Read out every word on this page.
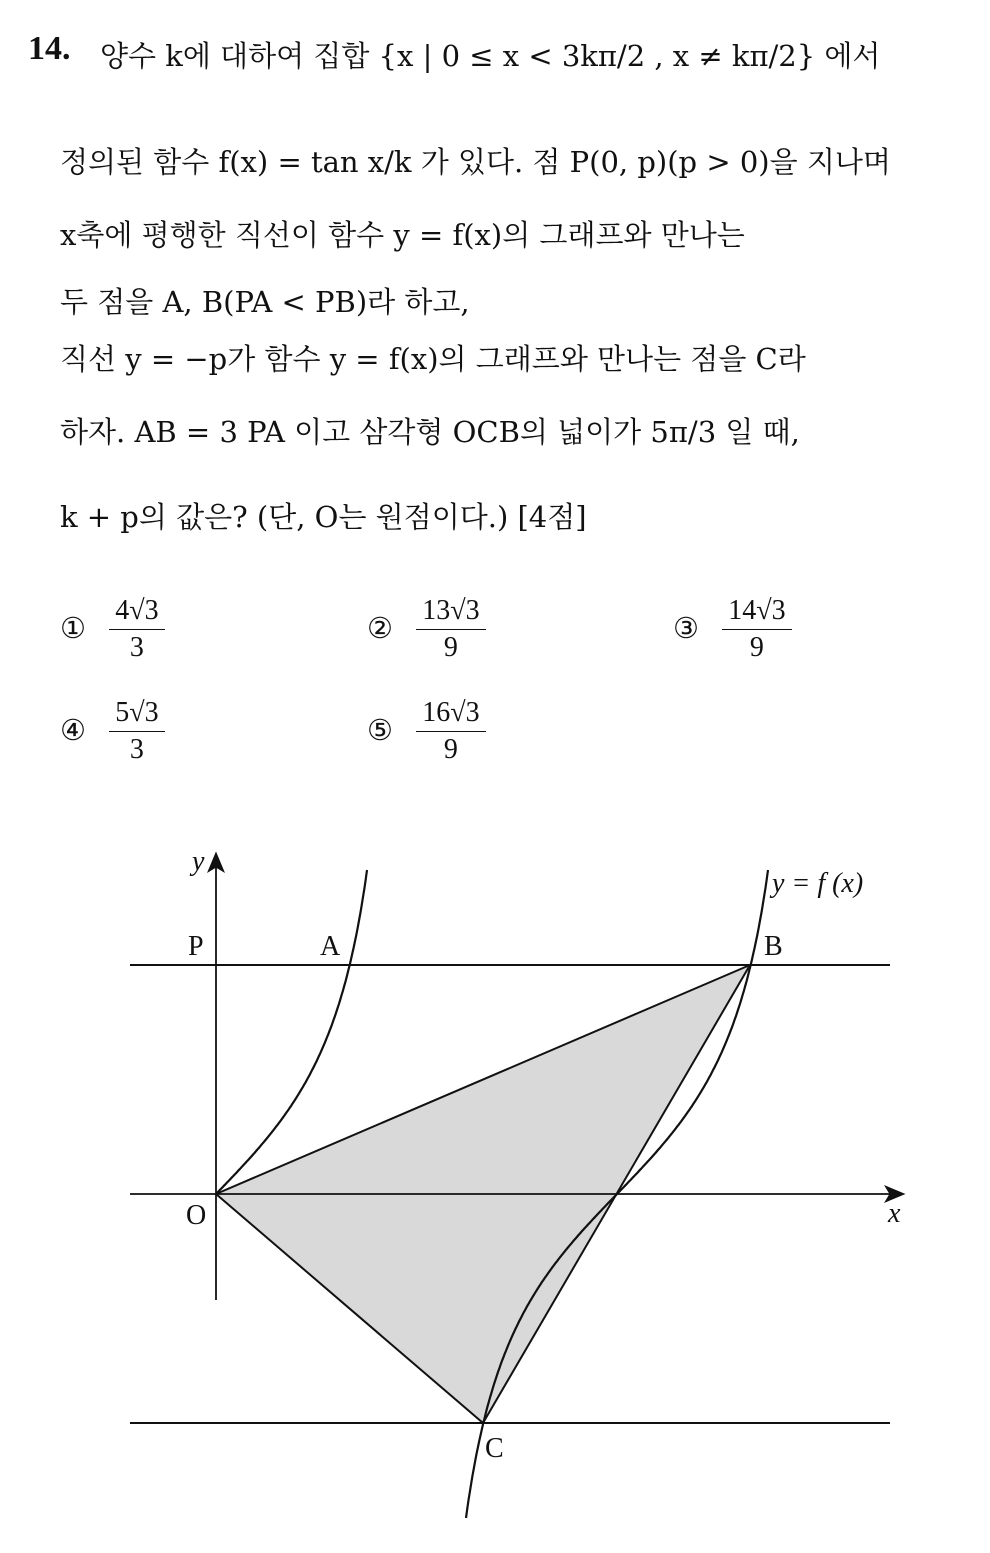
14. 양수 k에 대하여 집합 {x | 0 ≤ x < 3kπ/2 , x ≠ kπ/2} 에서
정의된 함수 f(x) = tan x/k 가 있다. 점 P(0, p)(p > 0)을 지나며
x축에 평행한 직선이 함수 y = f(x)의 그래프와 만나는
두 점을 A, B(PA < PB)라 하고,
직선 y = −p가 함수 y = f(x)의 그래프와 만나는 점을 C라
하자. AB = 3 PA 이고 삼각형 OCB의 넓이가 5π/3 일 때,
k + p의 값은? (단, O는 원점이다.) [4점]
① $\frac{4√3}{3}$	② $\frac{13√3}{9}$	③ $\frac{14√3}{9}$
④ $\frac{5√3}{3}$	⑤ $\frac{16√3}{9}$
y
x
O
P	A	B
C
y = f (x)
